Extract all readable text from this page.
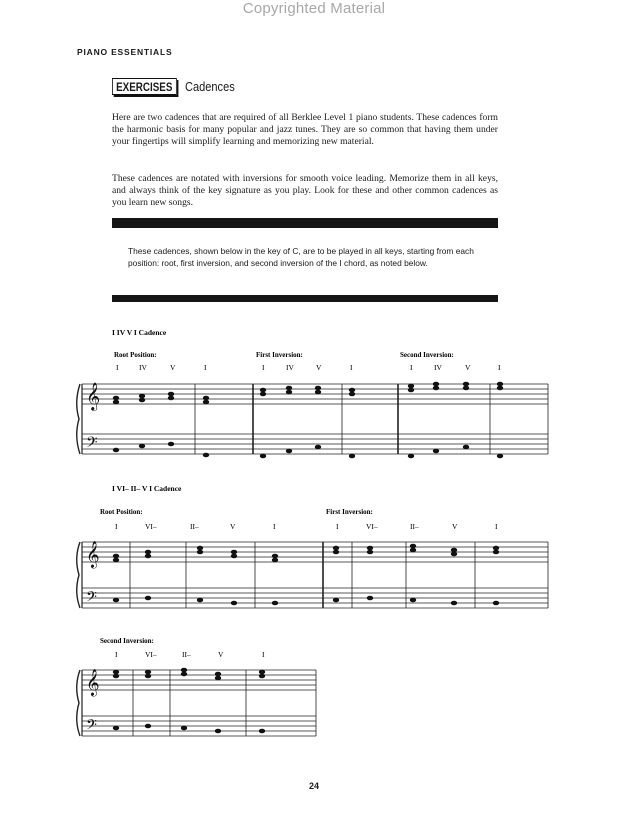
Copyrighted Material
PIANO ESSENTIALS
EXERCISES Cadences

Here are two cadences that are required of all Berklee Level 1 piano students. These cadences form the harmonic basis for many popular and jazz tunes. They are so common that having them under your fingertips will simplify learning and memorizing new material.

These cadences are notated with inversions for smooth voice leading. Memorize them in all keys, and always think of the key signature as you play. Look for these and other common cadences as you learn new songs.

These cadences, shown below in the key of C, are to be played in all keys, starting from each position: root, first inversion, and second inversion of the I chord, as noted below.

I IV V I Cadence
Root Position:	First Inversion:	Second Inversion:
I	IV	V	I	I	IV	V	I	I	IV	V	I
𝄞
𝄢
I VI– II– V I Cadence
Root Position:	First Inversion:
I	VI–	II–	V	I	I	VI–	II–	V	I
𝄞
𝄢
Second Inversion:
I	VI–	II–	V	I
𝄞
𝄢
24
